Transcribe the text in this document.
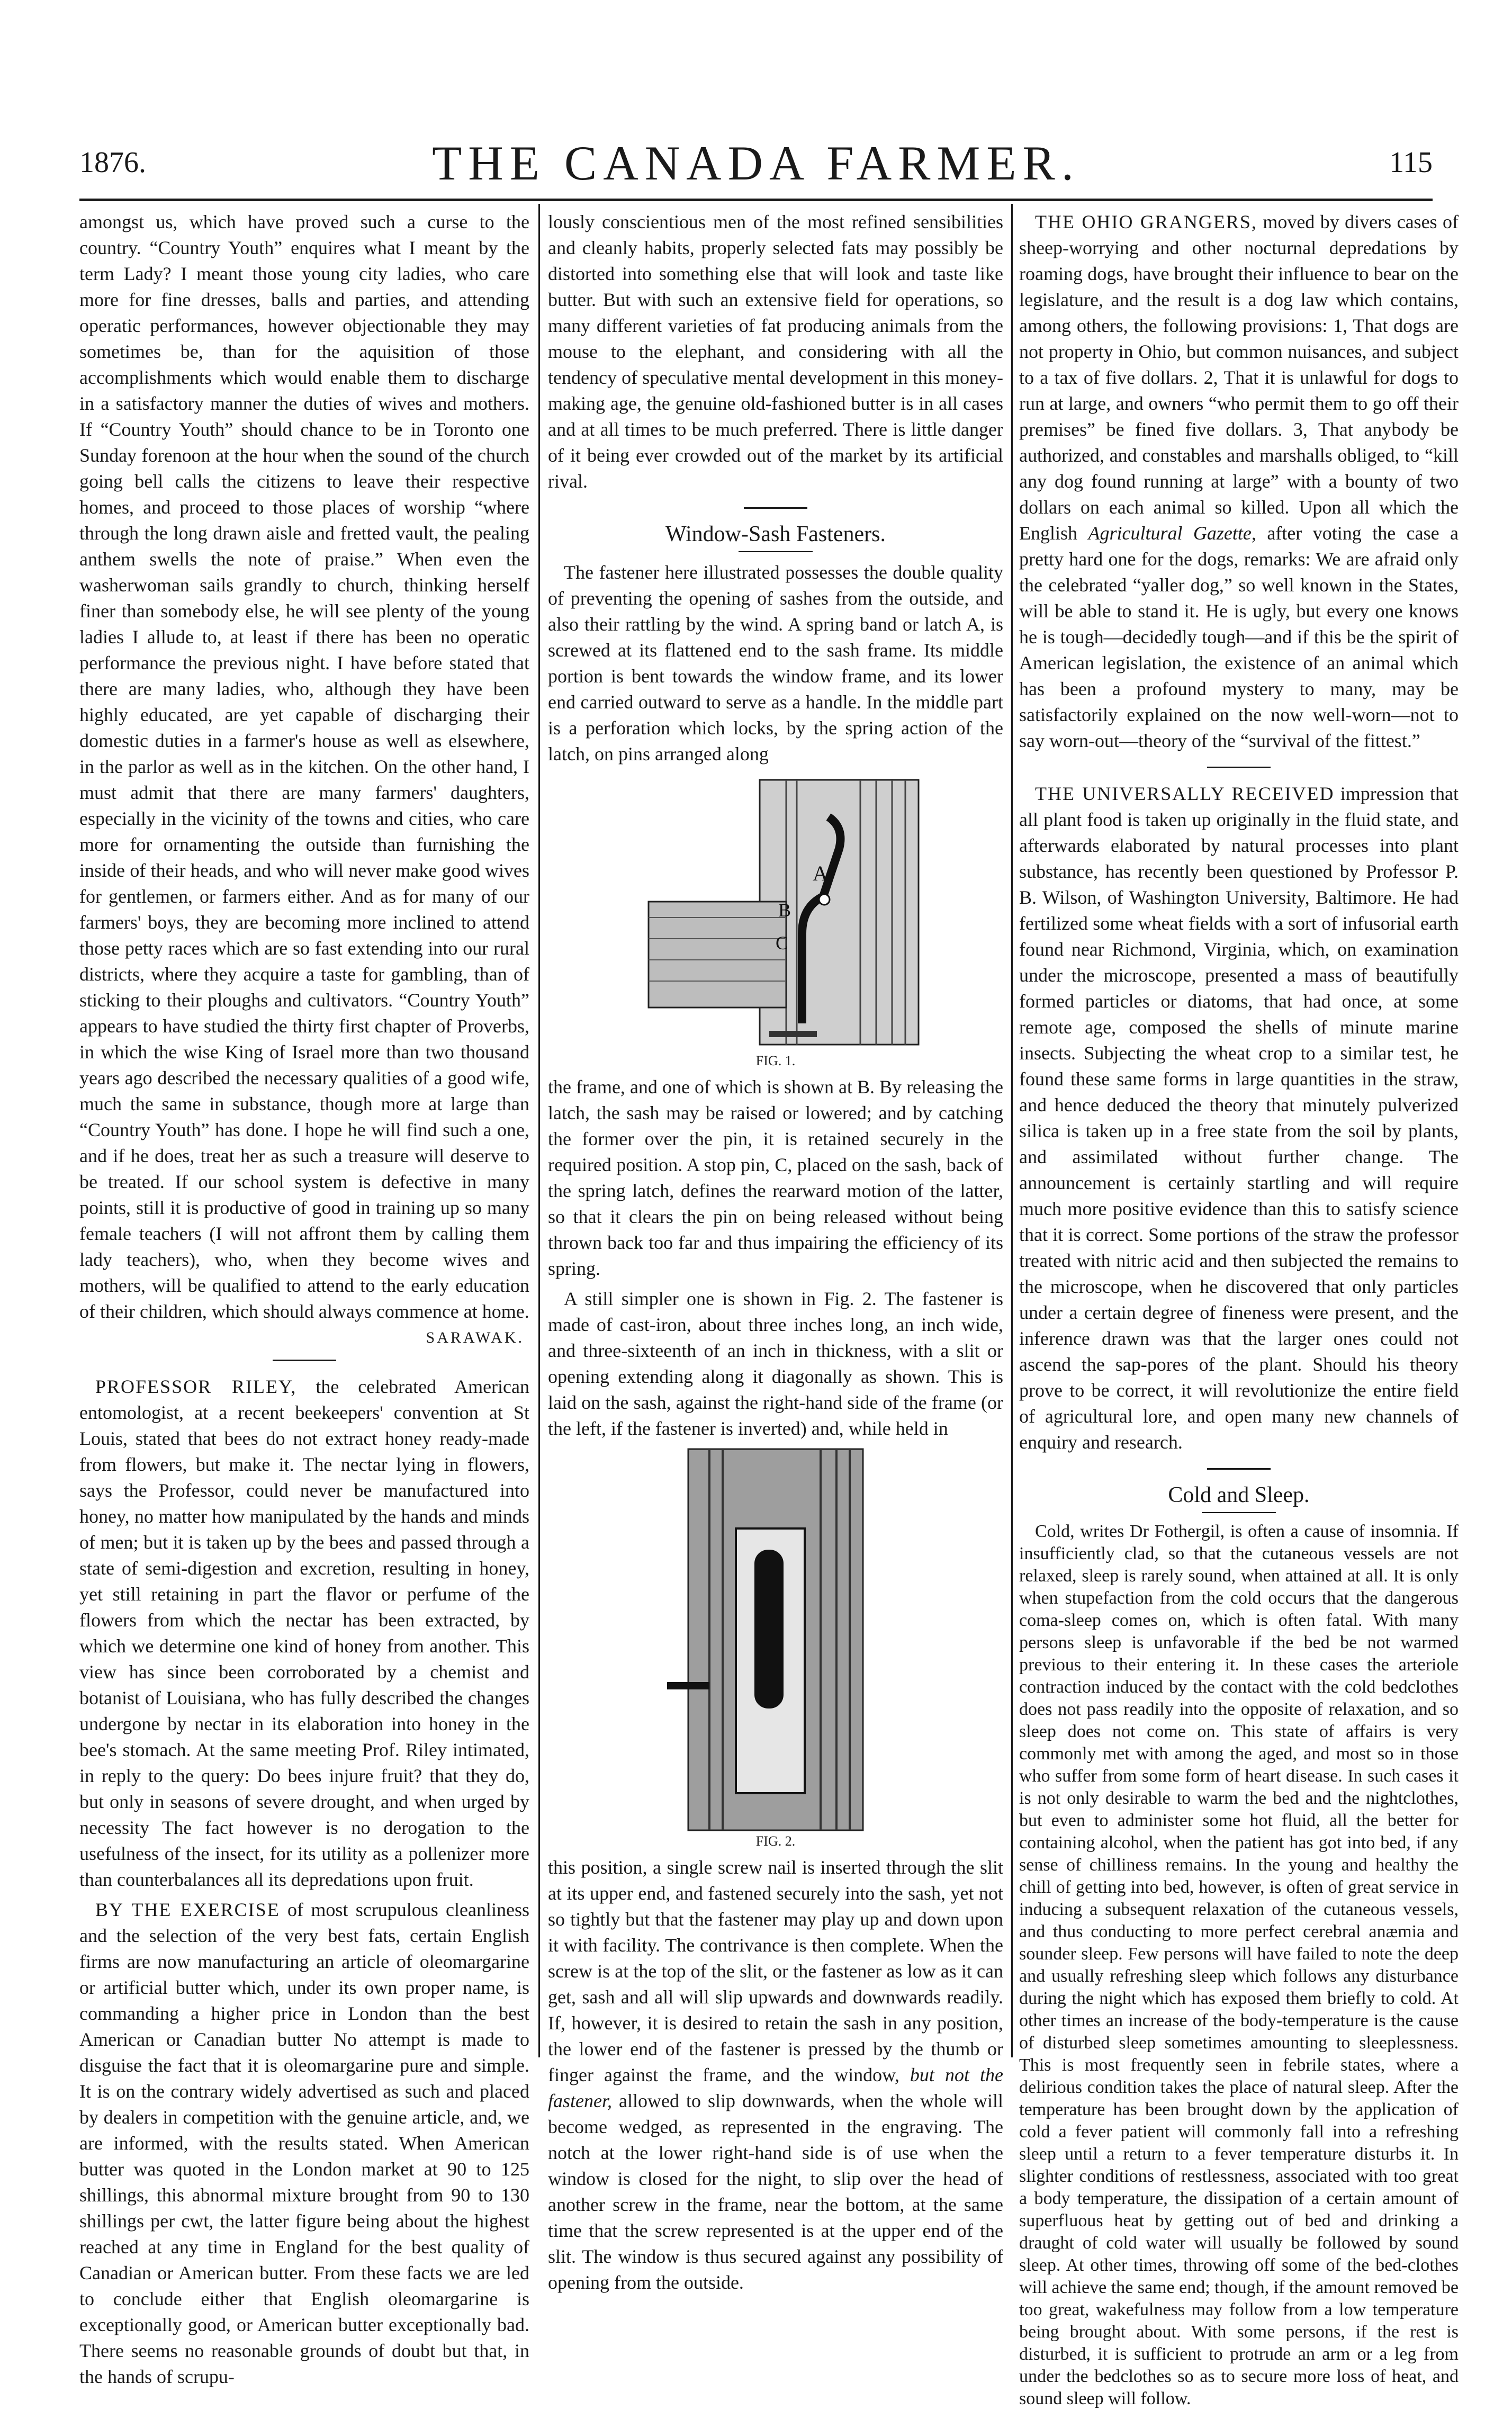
1876.	THE CANADA FARMER.	115

amongst us, which have proved such a curse to the country. “Country Youth” enquires what I meant by the term Lady? I meant those young city ladies, who care more for fine dresses, balls and parties, and attending operatic performances, however objectionable they may sometimes be, than for the aquisition of those accomplishments which would enable them to discharge in a satisfactory manner the duties of wives and mothers. If “Country Youth” should chance to be in Toronto one Sunday forenoon at the hour when the sound of the church going bell calls the citizens to leave their respective homes, and proceed to those places of worship “where through the long drawn aisle and fretted vault, the pealing anthem swells the note of praise.” When even the washerwoman sails grandly to church, thinking herself finer than somebody else, he will see plenty of the young ladies I allude to, at least if there has been no operatic performance the previous night. I have before stated that there are many ladies, who, although they have been highly educated, are yet capable of discharging their domestic duties in a farmer's house as well as elsewhere, in the parlor as well as in the kitchen. On the other hand, I must admit that there are many farmers' daughters, especially in the vicinity of the towns and cities, who care more for ornamenting the outside than furnishing the inside of their heads, and who will never make good wives for gentlemen, or farmers either. And as for many of our farmers' boys, they are becoming more inclined to attend those petty races which are so fast extending into our rural districts, where they acquire a taste for gambling, than of sticking to their ploughs and cultivators. “Country Youth” appears to have studied the thirty first chapter of Proverbs, in which the wise King of Israel more than two thousand years ago described the necessary qualities of a good wife, much the same in substance, though more at large than “Country Youth” has done. I hope he will find such a one, and if he does, treat her as such a treasure will deserve to be treated. If our school system is defective in many points, still it is productive of good in training up so many female teachers (I will not affront them by calling them lady teachers), who, when they become wives and mothers, will be qualified to attend to the early education of their children, which should always commence at home.

SARAWAK.

PROFESSOR RILEY, the celebrated American entomologist, at a recent beekeepers' convention at St Louis, stated that bees do not extract honey ready-made from flowers, but make it. The nectar lying in flowers, says the Professor, could never be manufactured into honey, no matter how manipulated by the hands and minds of men; but it is taken up by the bees and passed through a state of semi-digestion and excretion, resulting in honey, yet still retaining in part the flavor or perfume of the flowers from which the nectar has been extracted, by which we determine one kind of honey from another. This view has since been corroborated by a chemist and botanist of Louisiana, who has fully described the changes undergone by nectar in its elaboration into honey in the bee's stomach. At the same meeting Prof. Riley intimated, in reply to the query: Do bees injure fruit? that they do, but only in seasons of severe drought, and when urged by necessity The fact however is no derogation to the usefulness of the insect, for its utility as a pollenizer more than counterbalances all its depredations upon fruit.

BY THE EXERCISE of most scrupulous cleanliness and the selection of the very best fats, certain English firms are now manufacturing an article of oleomargarine or artificial butter which, under its own proper name, is commanding a higher price in London than the best American or Canadian butter No attempt is made to disguise the fact that it is oleomargarine pure and simple. It is on the contrary widely advertised as such and placed by dealers in competition with the genuine article, and, we are informed, with the results stated. When American butter was quoted in the London market at 90 to 125 shillings, this abnormal mixture brought from 90 to 130 shillings per cwt, the latter figure being about the highest reached at any time in England for the best quality of Canadian or American butter. From these facts we are led to conclude either that English oleomargarine is exceptionally good, or American butter exceptionally bad. There seems no reasonable grounds of doubt but that, in the hands of scrupu-

lously conscientious men of the most refined sensibilities and cleanly habits, properly selected fats may possibly be distorted into something else that will look and taste like butter. But with such an extensive field for operations, so many different varieties of fat producing animals from the mouse to the elephant, and considering with all the tendency of speculative mental development in this money-making age, the genuine old-fashioned butter is in all cases and at all times to be much preferred. There is little danger of it being ever crowded out of the market by its artificial rival.

Window-Sash Fasteners.

The fastener here illustrated possesses the double quality of preventing the opening of sashes from the outside, and also their rattling by the wind. A spring band or latch A, is screwed at its flattened end to the sash frame. Its middle portion is bent towards the window frame, and its lower end carried outward to serve as a handle. In the middle part is a perforation which locks, by the spring action of the latch, on pins arranged along

A
B
C
FIG. 1.

the frame, and one of which is shown at B. By releasing the latch, the sash may be raised or lowered; and by catching the former over the pin, it is retained securely in the required position. A stop pin, C, placed on the sash, back of the spring latch, defines the rearward motion of the latter, so that it clears the pin on being released without being thrown back too far and thus impairing the efficiency of its spring.

A still simpler one is shown in Fig. 2. The fastener is made of cast-iron, about three inches long, an inch wide, and three-sixteenth of an inch in thickness, with a slit or opening extending along it diagonally as shown. This is laid on the sash, against the right-hand side of the frame (or the left, if the fastener is inverted) and, while held in

FIG. 2.

this position, a single screw nail is inserted through the slit at its upper end, and fastened securely into the sash, yet not so tightly but that the fastener may play up and down upon it with facility. The contrivance is then complete. When the screw is at the top of the slit, or the fastener as low as it can get, sash and all will slip upwards and downwards readily. If, however, it is desired to retain the sash in any position, the lower end of the fastener is pressed by the thumb or finger against the frame, and the window, but not the fastener, allowed to slip downwards, when the whole will become wedged, as represented in the engraving. The notch at the lower right-hand side is of use when the window is closed for the night, to slip over the head of another screw in the frame, near the bottom, at the same time that the screw represented is at the upper end of the slit. The window is thus secured against any possibility of opening from the outside.

THE OHIO GRANGERS, moved by divers cases of sheep-worrying and other nocturnal depredations by roaming dogs, have brought their influence to bear on the legislature, and the result is a dog law which contains, among others, the following provisions: 1, That dogs are not property in Ohio, but common nuisances, and subject to a tax of five dollars. 2, That it is unlawful for dogs to run at large, and owners “who permit them to go off their premises” be fined five dollars. 3, That anybody be authorized, and constables and marshalls obliged, to “kill any dog found running at large” with a bounty of two dollars on each animal so killed. Upon all which the English Agricultural Gazette, after voting the case a pretty hard one for the dogs, remarks: We are afraid only the celebrated “yaller dog,” so well known in the States, will be able to stand it. He is ugly, but every one knows he is tough—decidedly tough—and if this be the spirit of American legislation, the existence of an animal which has been a profound mystery to many, may be satisfactorily explained on the now well-worn—not to say worn-out—theory of the “survival of the fittest.”

THE UNIVERSALLY RECEIVED impression that all plant food is taken up originally in the fluid state, and afterwards elaborated by natural processes into plant substance, has recently been questioned by Professor P. B. Wilson, of Washington University, Baltimore. He had fertilized some wheat fields with a sort of infusorial earth found near Richmond, Virginia, which, on examination under the microscope, presented a mass of beautifully formed particles or diatoms, that had once, at some remote age, composed the shells of minute marine insects. Subjecting the wheat crop to a similar test, he found these same forms in large quantities in the straw, and hence deduced the theory that minutely pulverized silica is taken up in a free state from the soil by plants, and assimilated without further change. The announcement is certainly startling and will require much more positive evidence than this to satisfy science that it is correct. Some portions of the straw the professor treated with nitric acid and then subjected the remains to the microscope, when he discovered that only particles under a certain degree of fineness were present, and the inference drawn was that the larger ones could not ascend the sap-pores of the plant. Should his theory prove to be correct, it will revolutionize the entire field of agricultural lore, and open many new channels of enquiry and research.

Cold and Sleep.

Cold, writes Dr Fothergil, is often a cause of insomnia. If insufficiently clad, so that the cutaneous vessels are not relaxed, sleep is rarely sound, when attained at all. It is only when stupefaction from the cold occurs that the dangerous coma-sleep comes on, which is often fatal. With many persons sleep is unfavorable if the bed be not warmed previous to their entering it. In these cases the arteriole contraction induced by the contact with the cold bedclothes does not pass readily into the opposite of relaxation, and so sleep does not come on. This state of affairs is very commonly met with among the aged, and most so in those who suffer from some form of heart disease. In such cases it is not only desirable to warm the bed and the nightclothes, but even to administer some hot fluid, all the better for containing alcohol, when the patient has got into bed, if any sense of chilliness remains. In the young and healthy the chill of getting into bed, however, is often of great service in inducing a subsequent relaxation of the cutaneous vessels, and thus conducting to more perfect cerebral anæmia and sounder sleep. Few persons will have failed to note the deep and usually refreshing sleep which follows any disturbance during the night which has exposed them briefly to cold. At other times an increase of the body-temperature is the cause of disturbed sleep sometimes amounting to sleeplessness. This is most frequently seen in febrile states, where a delirious condition takes the place of natural sleep. After the temperature has been brought down by the application of cold a fever patient will commonly fall into a refreshing sleep until a return to a fever temperature disturbs it. In slighter conditions of restlessness, associated with too great a body temperature, the dissipation of a certain amount of superfluous heat by getting out of bed and drinking a draught of cold water will usually be followed by sound sleep. At other times, throwing off some of the bed-clothes will achieve the same end; though, if the amount removed be too great, wakefulness may follow from a low temperature being brought about. With some persons, if the rest is disturbed, it is sufficient to protrude an arm or a leg from under the bedclothes so as to secure more loss of heat, and sound sleep will follow.
